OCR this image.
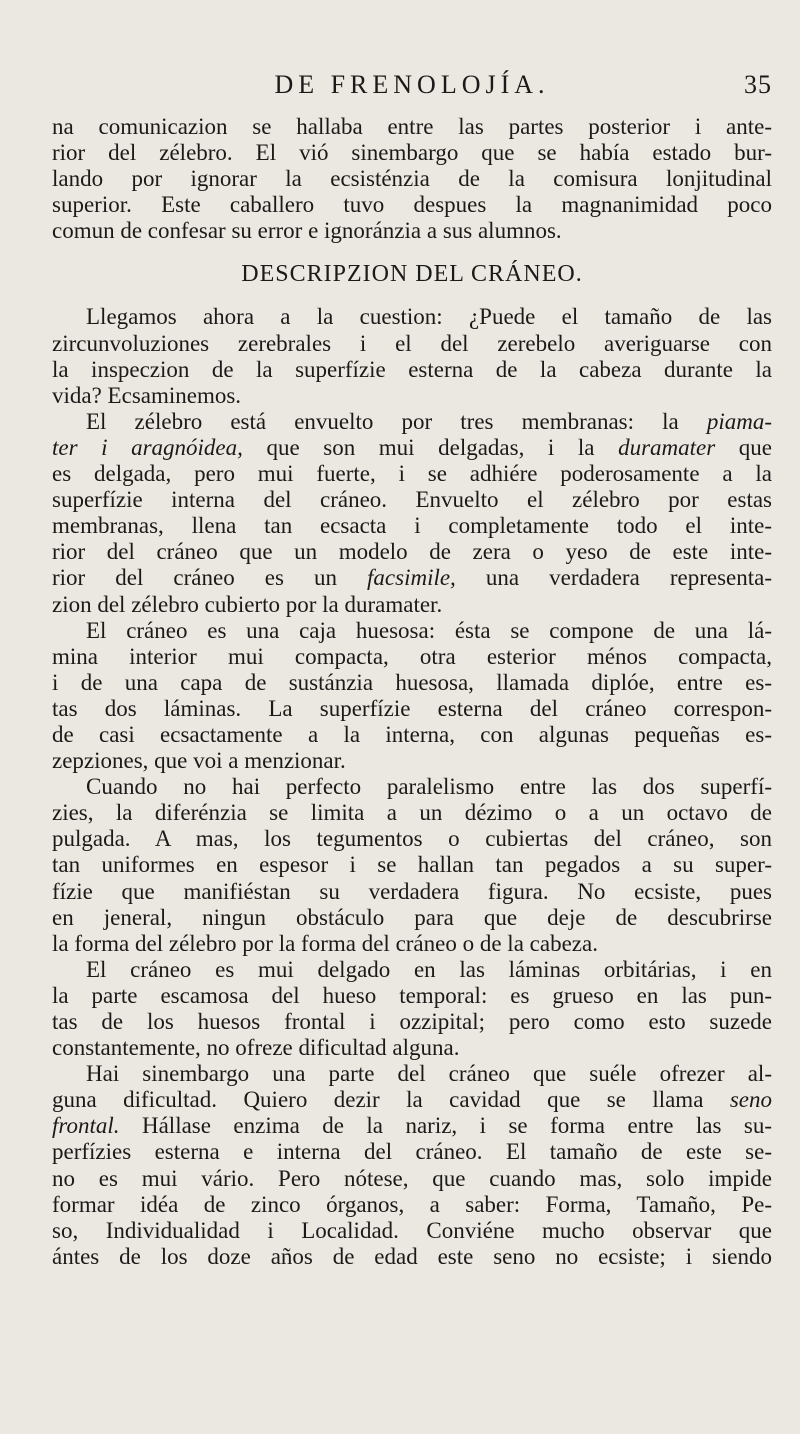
DE FRENOLOJÍA.	35
na comunicazion se hallaba entre las partes posterior i ante-
rior del zélebro. El vió sinembargo que se había estado bur-
lando por ignorar la ecsisténzia de la comisura lonjitudinal
superior. Este caballero tuvo despues la magnanimidad poco
comun de confesar su error e ignoránzia a sus alumnos.
DESCRIPZION DEL CRÁNEO.
Llegamos ahora a la cuestion: ¿Puede el tamaño de las
zircunvoluziones zerebrales i el del zerebelo averiguarse con
la inspeczion de la superfízie esterna de la cabeza durante la
vida? Ecsaminemos.
El zélebro está envuelto por tres membranas: la piama-
ter i aragnóidea, que son mui delgadas, i la duramater que
es delgada, pero mui fuerte, i se adhiére poderosamente a la
superfízie interna del cráneo. Envuelto el zélebro por estas
membranas, llena tan ecsacta i completamente todo el inte-
rior del cráneo que un modelo de zera o yeso de este inte-
rior del cráneo es un facsimile, una verdadera representa-
zion del zélebro cubierto por la duramater.
El cráneo es una caja huesosa: ésta se compone de una lá-
mina interior mui compacta, otra esterior ménos compacta,
i de una capa de sustánzia huesosa, llamada diplóe, entre es-
tas dos láminas. La superfízie esterna del cráneo correspon-
de casi ecsactamente a la interna, con algunas pequeñas es-
zepziones, que voi a menzionar.
Cuando no hai perfecto paralelismo entre las dos superfí-
zies, la diferénzia se limita a un dézimo o a un octavo de
pulgada. A mas, los tegumentos o cubiertas del cráneo, son
tan uniformes en espesor i se hallan tan pegados a su super-
fízie que manifiéstan su verdadera figura. No ecsiste, pues
en jeneral, ningun obstáculo para que deje de descubrirse
la forma del zélebro por la forma del cráneo o de la cabeza.
El cráneo es mui delgado en las láminas orbitárias, i en
la parte escamosa del hueso temporal: es grueso en las pun-
tas de los huesos frontal i ozzipital; pero como esto suzede
constantemente, no ofreze dificultad alguna.
Hai sinembargo una parte del cráneo que suéle ofrezer al-
guna dificultad. Quiero dezir la cavidad que se llama seno
frontal. Hállase enzima de la nariz, i se forma entre las su-
perfízies esterna e interna del cráneo. El tamaño de este se-
no es mui vário. Pero nótese, que cuando mas, solo impide
formar idéa de zinco órganos, a saber: Forma, Tamaño, Pe-
so, Individualidad i Localidad. Conviéne mucho observar que
ántes de los doze años de edad este seno no ecsiste; i siendo
